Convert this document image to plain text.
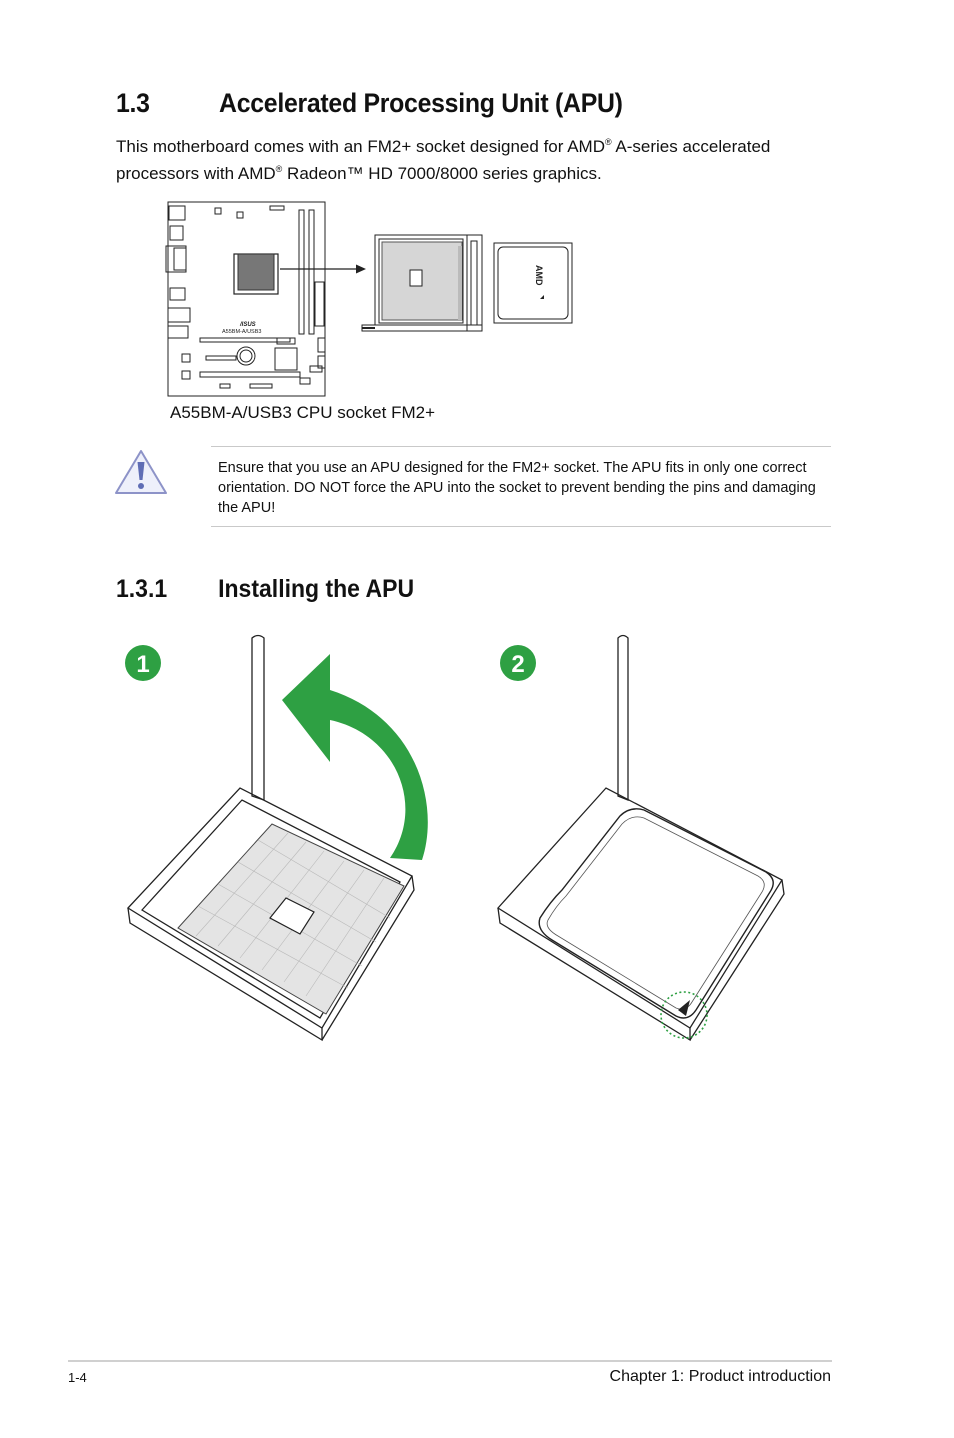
1.3	Accelerated Processing Unit (APU)
This motherboard comes with an FM2+ socket designed for AMD® A-series accelerated processors with AMD® Radeon™ HD 7000/8000 series graphics.
/ISUS
A55BM-A/USB3
AMD
A55BM-A/USB3 CPU socket FM2+
Ensure that you use an APU designed for the FM2+ socket. The APU fits in only one correct orientation. DO NOT force the APU into the socket to prevent bending the pins and damaging the APU!
1.3.1 Installing the APU
1	2
1-4	Chapter 1: Product introduction
